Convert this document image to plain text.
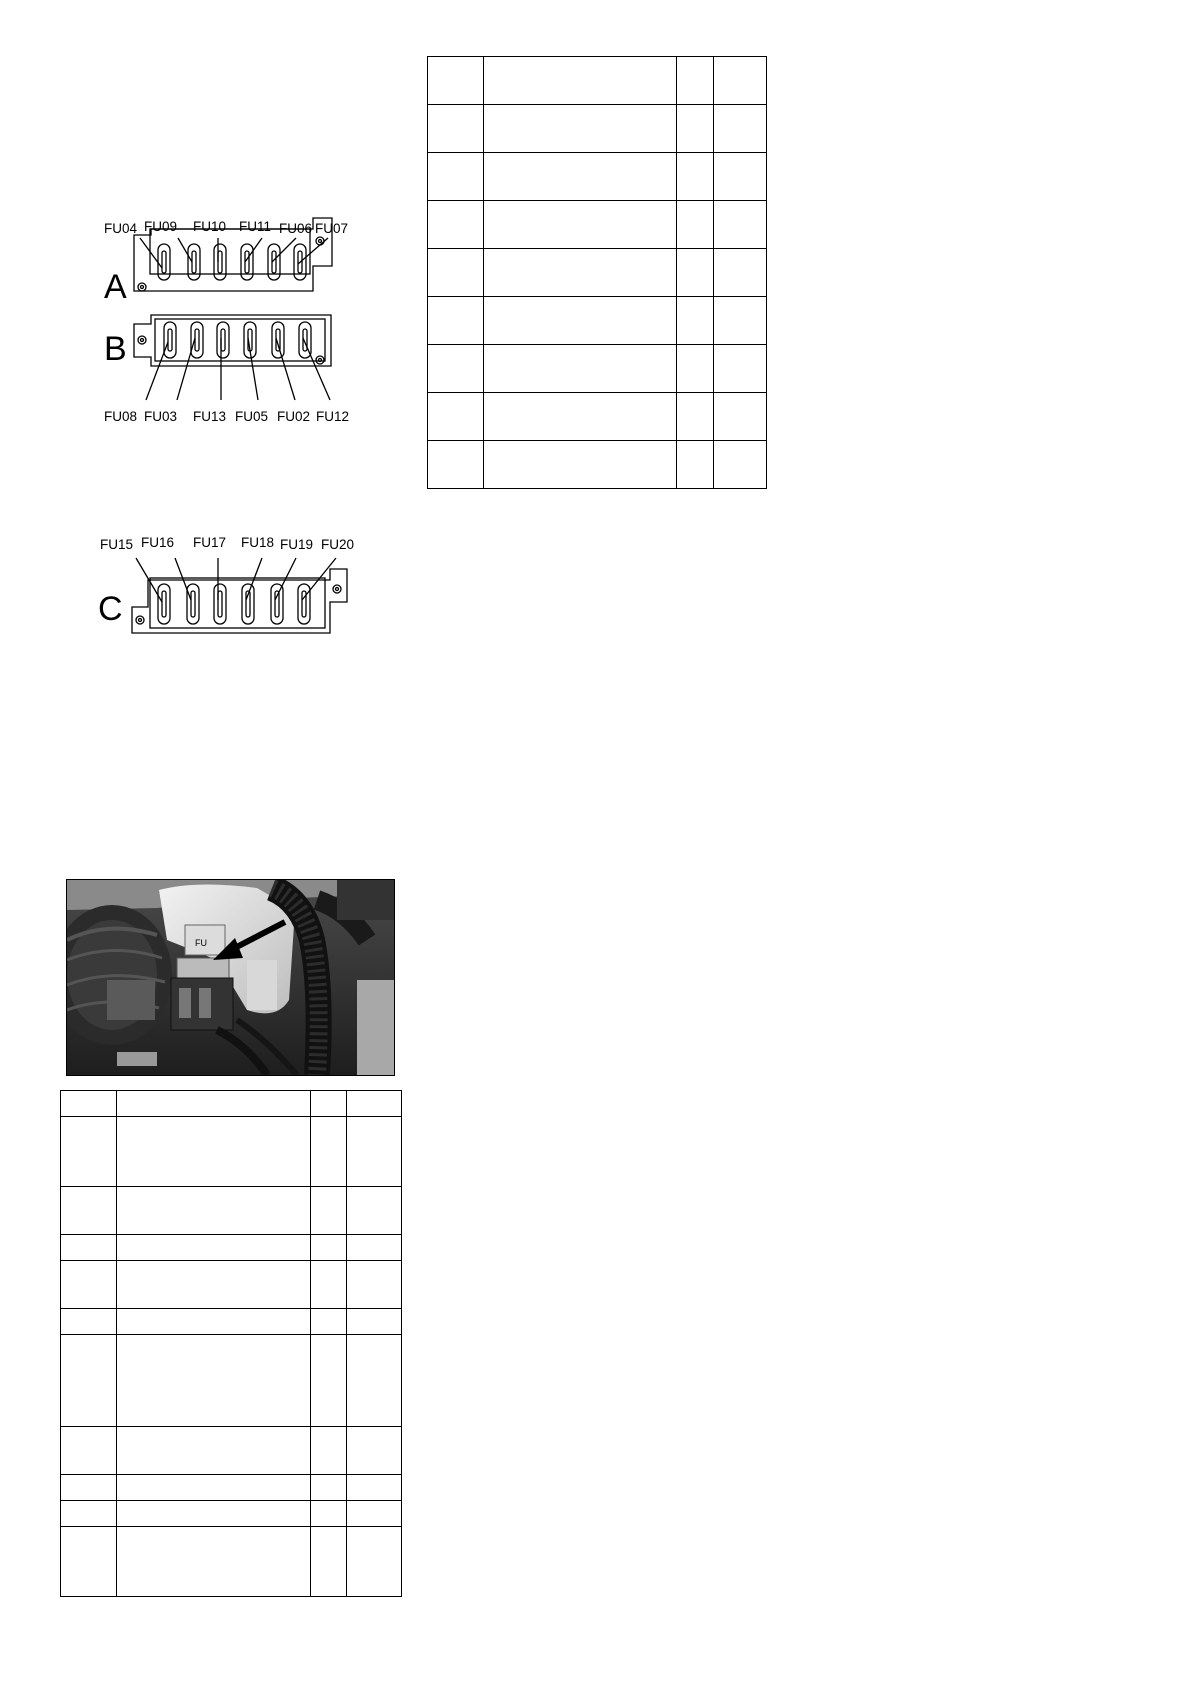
A
B
FU04 FU09 FU10 FU11 FU06 FU07
FU08 FU03 FU13 FU05 FU02 FU12
C
FU15 FU16 FU17 FU18 FU19 FU20

FU
